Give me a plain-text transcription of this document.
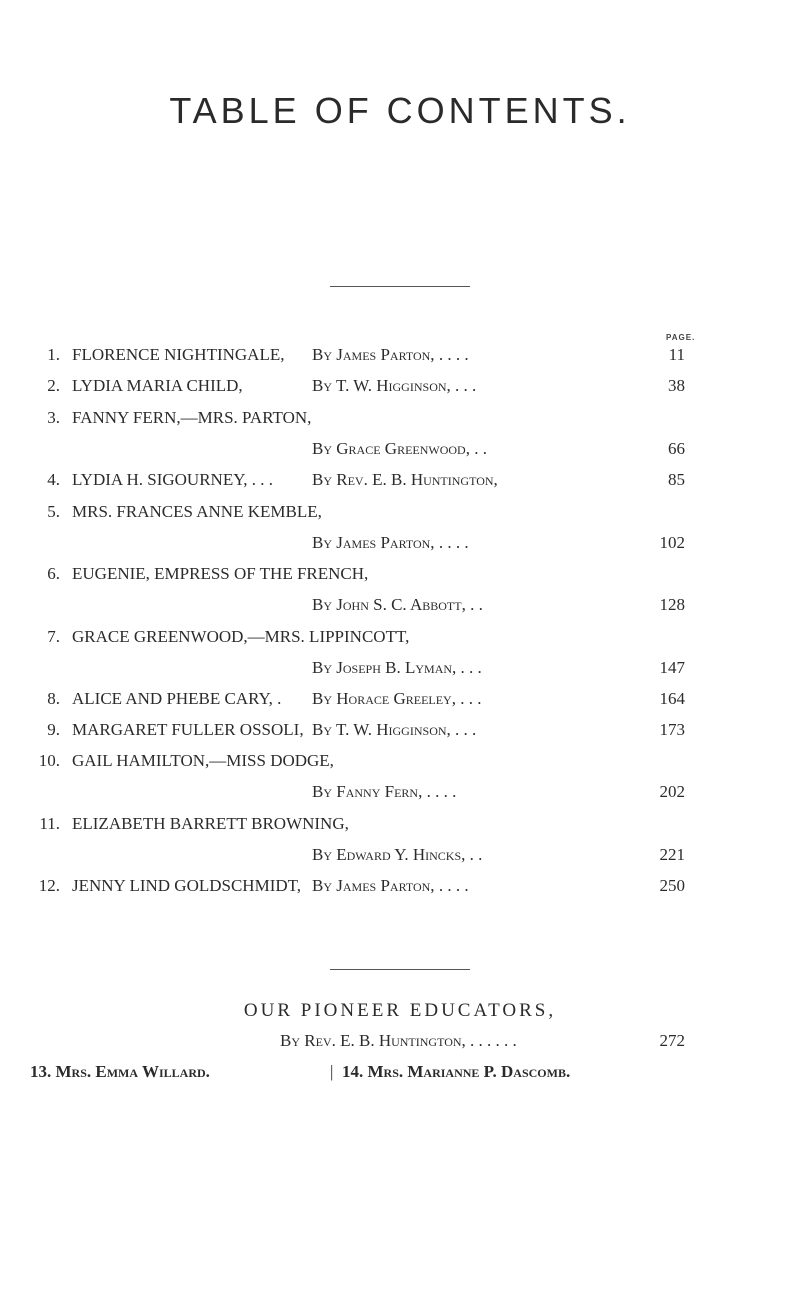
TABLE OF CONTENTS.
PAGE.
1. FLORENCE NIGHTINGALE, By James Parton, . . . .	11
2. LYDIA MARIA CHILD,	By T. W. Higginson, . . .	38
3. FANNY FERN,—MRS. PARTON,
By Grace Greenwood, . .	66
4. LYDIA H. SIGOURNEY, . . . By Rev. E. B. Huntington,	85
5. MRS. FRANCES ANNE KEMBLE,
By James Parton, . . . .	102
6. EUGENIE, EMPRESS OF THE FRENCH,
By John S. C. Abbott, . .	128
7. GRACE GREENWOOD,—MRS. LIPPINCOTT,
By Joseph B. Lyman, . . .	147
8. ALICE AND PHEBE CARY, . By Horace Greeley, . . .	164
9. MARGARET FULLER OSSOLI, By T. W. Higginson, . . .	173
10. GAIL HAMILTON,—MISS DODGE,
By Fanny Fern, . . . .	202
11. ELIZABETH BARRETT BROWNING,
By Edward Y. Hincks, . .	221
12. JENNY LIND GOLDSCHMIDT, By James Parton, . . . .	250
OUR PIONEER EDUCATORS,
By Rev. E. B. Huntington, . . . . . .	272
13. Mrs. Emma Willard.	| 14. Mrs. Marianne P. Dascomb.
